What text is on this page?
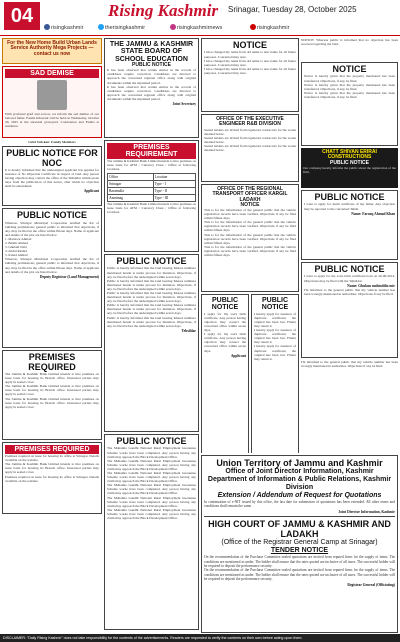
04	Rising Kashmir Srinagar, Tuesday 28, October 2025
risingkashmir	therisingkashmir	risingkashmirnews	risingkashmir
For the New Home Build Urban Lands Service Authority Mega Projects — contact us now
SAD DEMISE
With profound grief and sorrow, we inform the sad demise of our beloved father. Fateha Khawani will be held on Wednesday, October 29, 2025 at the ancestral graveyard. Condolence and Fateha at residence.
Grief Stricken: Family Members
PUBLIC NOTICE FOR NOC
It is hereby informed that the undersigned applicant has applied for issuance of No Objection Certificate in respect of land. Any person having objection may contact the office of the Tehsildar within seven days from the publication of this notice, after which no objection shall be entertained.
Applicant
PUBLIC NOTICE
Whereas, Srinagar Municipal Corporation notified the list of building permissions; general public is informed that objections, if any, may be filed in the office within fifteen days. Name of applicant and details of the plot are listed below.
1. Manzoor Ahmad
2. Bashir Ahmad
3. Ghulam Nabi
4. Abdul Rashid
5. Irshad Ahmad
Whereas, Srinagar Municipal Corporation notified the list of building permissions; general public is informed that objections, if any, may be filed in the office within fifteen days. Name of applicant and details of the plot are listed below.
Deputy Registrar (Land Management)
PREMISES REQUIRED
The Jammu & Kashmir Bank Limited intends to hire premises on lease basis for housing its Branch office. Interested parties may apply in sealed cover.
The Jammu & Kashmir Bank Limited intends to hire premises on lease basis for housing its Branch office. Interested parties may apply in sealed cover.
The Jammu & Kashmir Bank Limited intends to hire premises on lease basis for housing its Branch office. Interested parties may apply in sealed cover.
PREMISES REQUIRED
Premises required on lease for housing its office at Srinagar. Details available on the website.
The Jammu & Kashmir Bank Limited intends to hire premises on lease basis for housing its Branch office. Interested parties may apply in sealed cover.
Premises required on lease for housing its office at Srinagar. Details available on the website.
THE JAMMU & KASHMIR STATE BOARD OF SCHOOL EDUCATION
PUBLIC NOTICE
It has been observed that certain entries in the records of candidates require correction. Candidates are directed to approach the concerned regional office along with original documents within the stipulated period.
It has been observed that certain entries in the records of candidates require correction. Candidates are directed to approach the concerned regional office along with original documents within the stipulated period.
Joint Secretary
PREMISES REQUIREMENT
The Jammu & Kashmir Bank Limited intends to hire premises on lease basis for ATM / Currency Chest / Office at following locations.
Office	Location
Srinagar	Type - I
Baramulla	Type - II
Anantnag	Type - III
The Jammu & Kashmir Bank Limited intends to hire premises on lease basis for ATM / Currency Chest / Office at following locations.
PUBLIC NOTICE
Public is hereby informed that the land bearing Khasra numbers mentioned herein is under process for mutation. Objections, if any, be filed before the undersigned within seven days.
Public is hereby informed that the land bearing Khasra numbers mentioned herein is under process for mutation. Objections, if any, be filed before the undersigned within seven days.
Public is hereby informed that the land bearing Khasra numbers mentioned herein is under process for mutation. Objections, if any, be filed before the undersigned within seven days.
Public is hereby informed that the land bearing Khasra numbers mentioned herein is under process for mutation. Objections, if any, be filed before the undersigned within seven days.
Public is hereby informed that the land bearing Khasra numbers mentioned herein is under process for mutation. Objections, if any, be filed before the undersigned within seven days.
Tehsildar
PUBLIC NOTICE
The Mahatma Gandhi National Rural Employment Guarantee Scheme works have been completed. Any person having any claim may approach the Block Development Office.
The Mahatma Gandhi National Rural Employment Guarantee Scheme works have been completed. Any person having any claim may approach the Block Development Office.
The Mahatma Gandhi National Rural Employment Guarantee Scheme works have been completed. Any person having any claim may approach the Block Development Office.
The Mahatma Gandhi National Rural Employment Guarantee Scheme works have been completed. Any person having any claim may approach the Block Development Office.
The Mahatma Gandhi National Rural Employment Guarantee Scheme works have been completed. Any person having any claim may approach the Block Development Office.
The Mahatma Gandhi National Rural Employment Guarantee Scheme works have been completed. Any person having any claim may approach the Block Development Office.
NOTICE
I have changed my name from old name to new name for all future purposes. Concerned may note.
I have changed my name from old name to new name for all future purposes. Concerned may note.
I have changed my name from old name to new name for all future purposes. Concerned may note.
OFFICE OF THE EXECUTIVE ENGINEER R&B DIVISION
Sealed tenders are invited from registered contractors for the works detailed below.
Sealed tenders are invited from registered contractors for the works detailed below.
Sealed tenders are invited from registered contractors for the works detailed below.
OFFICE OF THE REGIONAL TRANSPORT OFFICER KARGIL LADAKH
NOTICE
This is for the information of the general public that the vehicle registration records have been verified. Objections if any be filed within fifteen days.
This is for the information of the general public that the vehicle registration records have been verified. Objections if any be filed within fifteen days.
This is for the information of the general public that the vehicle registration records have been verified. Objections if any be filed within fifteen days.
This is for the information of the general public that the vehicle registration records have been verified. Objections if any be filed within fifteen days.
PUBLIC NOTICE
I apply for my son's birth certificate. Any person having objection may contact the concerned office within seven days.
I apply for my son's birth certificate. Any person having objection may contact the concerned office within seven days.
Applicant
PUBLIC NOTICE
I hereby apply for issuance of duplicate certificate; the original has been lost. Finder may return it.
I hereby apply for issuance of duplicate certificate; the original has been lost. Finder may return it.
I hereby apply for issuance of duplicate certificate; the original has been lost. Finder may return it.
NOTICE: Whereas public is informed that no objection has been received regarding the land.
NOTICE
Notice is hereby given that the property mentioned has been transferred. Objections, if any, be filed.
Notice is hereby given that the property mentioned has been transferred. Objections, if any, be filed.
Notice is hereby given that the property mentioned has been transferred. Objections, if any, be filed.
CHATT SHIVAN ERIRAI CONSTRUCTIONS
PUBLIC NOTICE
Our company hereby informs the public about the registration of the firm.
PUBLIC NOTICE
I want to apply for death certificate of my father. Any objection may be reported to the concerned Tehsil.
Name: Farooq Ahmad Khan
PUBLIC NOTICE
I want to apply for my son's birth certificate born on 20-06-2014. Objections may be filed with the Tehsildar.
Name: Ghulam mohiuddin mir
I'm informed to the general public that my vehicle number has been wrongly mentioned in authorities. Objections if any be filed.
I'm informed to the general public that my vehicle number has been wrongly mentioned in authorities. Objections if any be filed.
Union Territory of Jammu and Kashmir
Office of Joint Director Information, Kashmir
Department of Information & Public Relations, Kashmir Division
Extension / Addendum of Request for Quotations
In continuation of e-NIT issued by this office, the last date for submission of quotations has been extended. All other terms and conditions shall remain the same.
Joint Director Information, Kashmir
HIGH COURT OF JAMMU & KASHMIR AND LADAKH
(Office of the Registrar General Camp at Srinagar)
TENDER NOTICE
On the recommendation of the Purchase Committee sealed quotations are invited from reputed firms for the supply of items. The conditions are mentioned as under. The bidder shall ensure that the rates quoted are inclusive of all taxes. The successful bidder will be required to deposit the performance security.
On the recommendation of the Purchase Committee sealed quotations are invited from reputed firms for the supply of items. The conditions are mentioned as under. The bidder shall ensure that the rates quoted are inclusive of all taxes. The successful bidder will be required to deposit the performance security.
Registrar General (Officiating)
DISCLAIMER: "Daily Rising Kashmir" does not take responsibility for the contents of the advertisements. Readers are requested to verify the contents on their own before acting upon them.
